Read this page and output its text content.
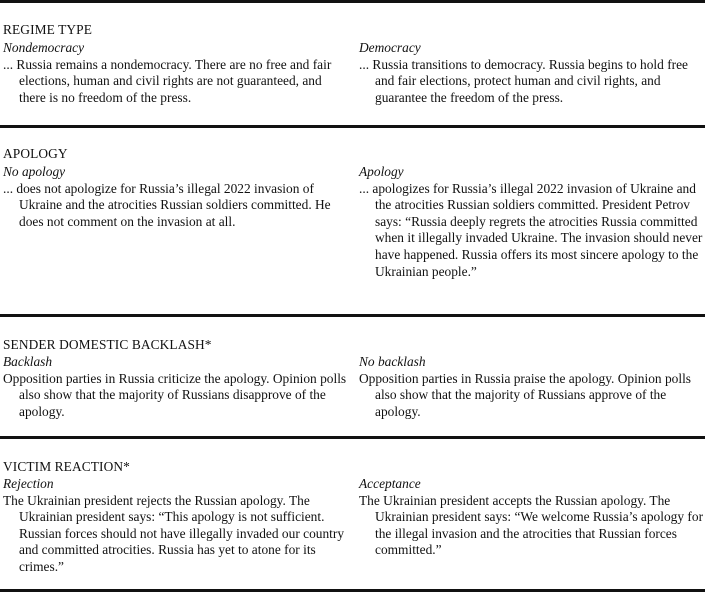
REGIME TYPE

Nondemocracy

... Russia remains a nondemocracy. There are no free and fair elections, human and civil rights are not guaranteed, and there is no freedom of the press.

Democracy

... Russia transitions to democracy. Russia begins to hold free and fair elections, protect human and civil rights, and guarantee the freedom of the press.

APOLOGY

No apology

... does not apologize for Russia’s illegal 2022 invasion of Ukraine and the atrocities Russian soldiers committed. He does not comment on the invasion at all.

Apology

... apologizes for Russia’s illegal 2022 invasion of Ukraine and the atrocities Russian soldiers committed. President Petrov says: “Russia deeply regrets the atrocities Russia committed when it illegally invaded Ukraine. The invasion should never have happened. Russia offers its most sincere apology to the Ukrainian people.”

SENDER DOMESTIC BACKLASH*

Backlash

Opposition parties in Russia criticize the apology. Opinion polls also show that the majority of Russians disapprove of the apology.

No backlash

Opposition parties in Russia praise the apology. Opinion polls also show that the majority of Russians approve of the apology.

VICTIM REACTION*

Rejection

The Ukrainian president rejects the Russian apology. The Ukrainian president says: “This apology is not sufficient. Russian forces should not have illegally invaded our country and committed atrocities. Russia has yet to atone for its crimes.”

Acceptance

The Ukrainian president accepts the Russian apology. The Ukrainian president says: “We welcome Russia’s apology for the illegal invasion and the atrocities that Russian forces committed.”
